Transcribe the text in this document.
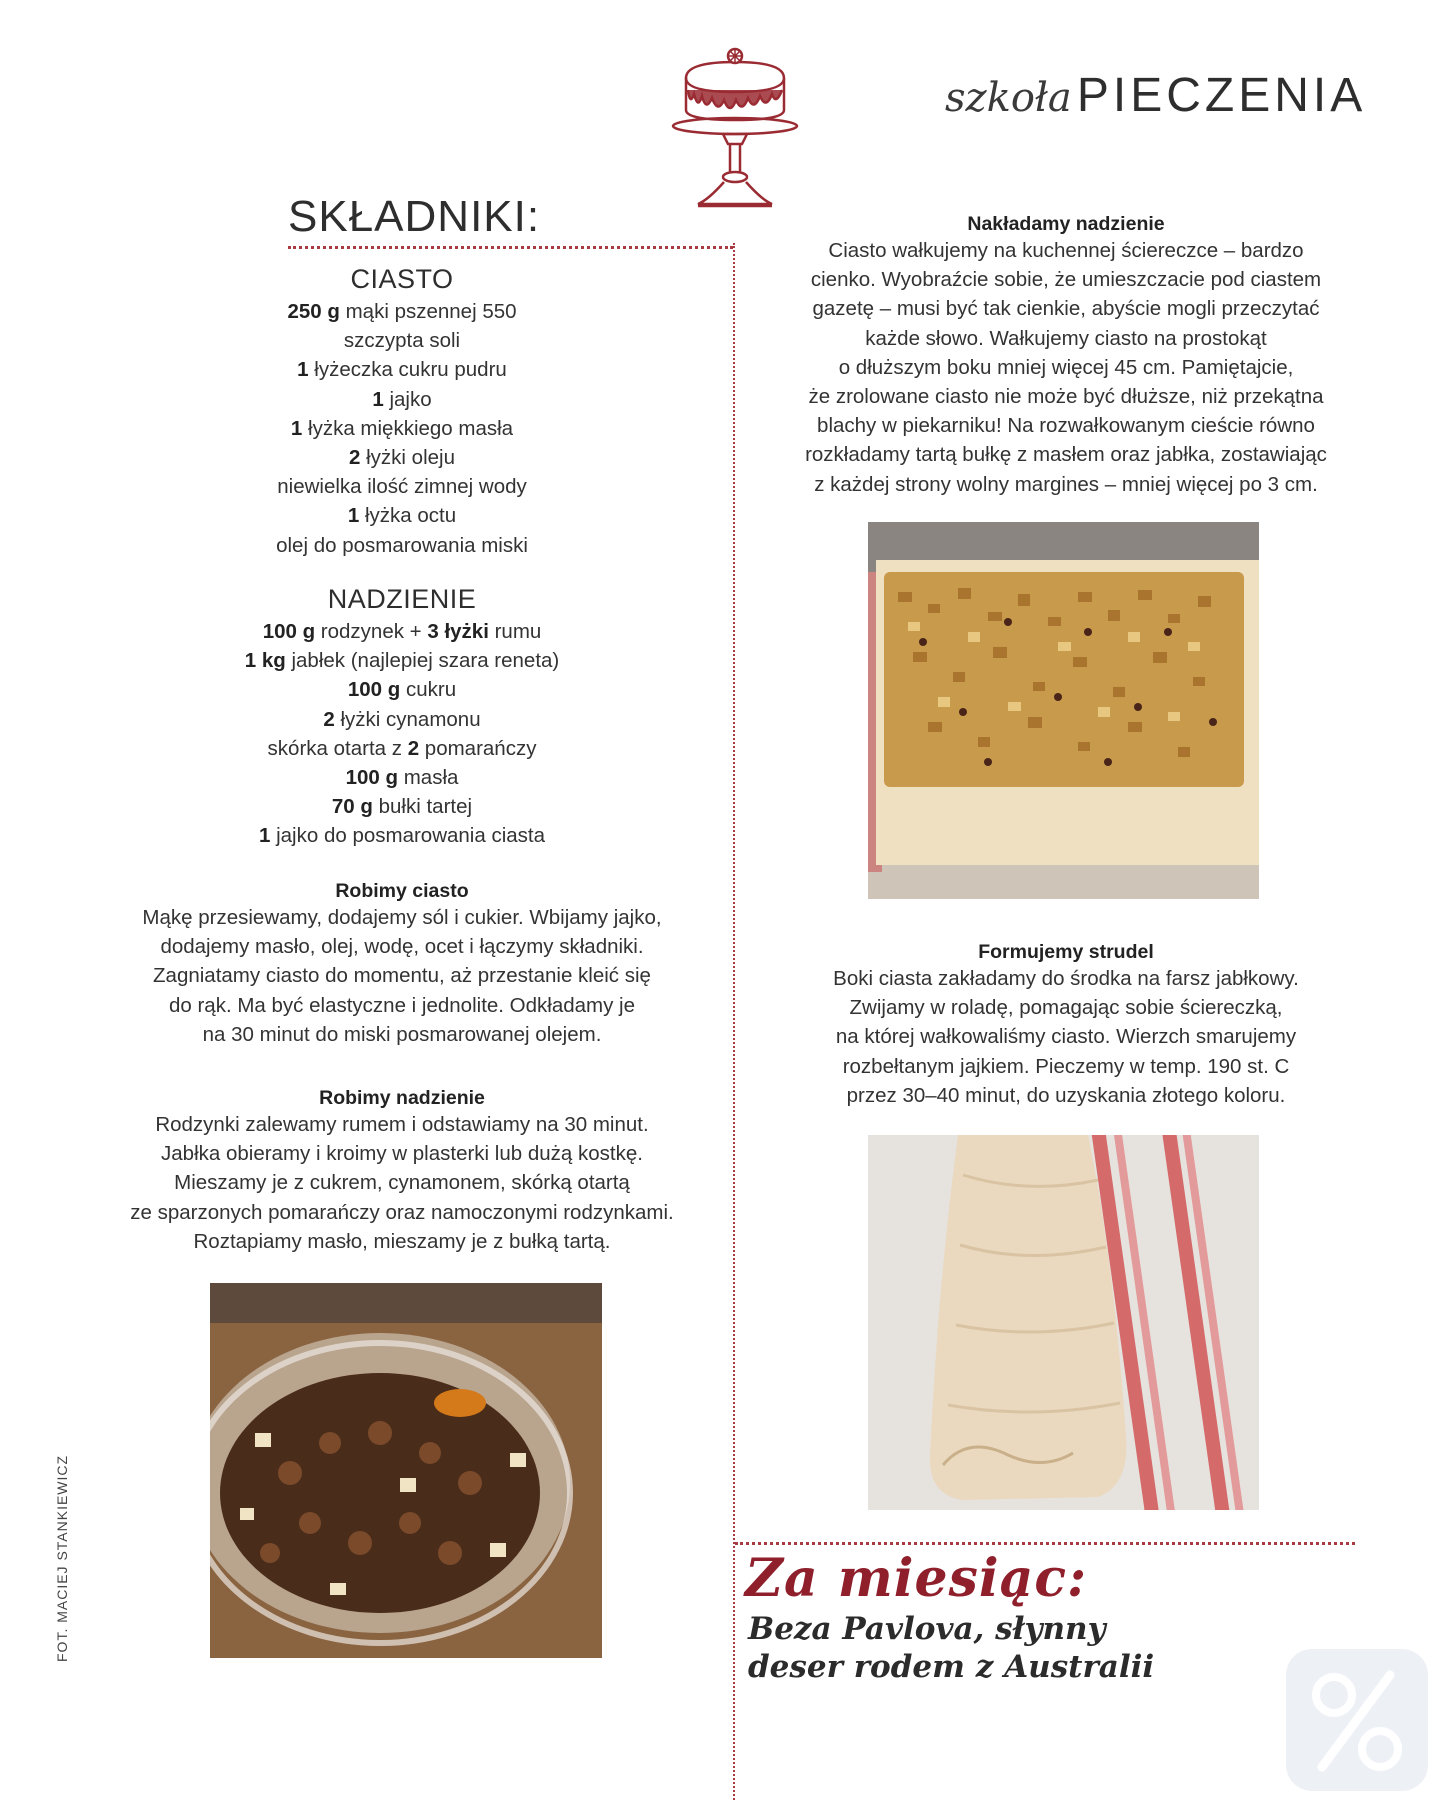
szkoła PIECZENIA
SKŁADNIKI:
CIASTO
250 g mąki pszennej 550
szczypta soli
1 łyżeczka cukru pudru
1 jajko
1 łyżka miękkiego masła
2 łyżki oleju
niewielka ilość zimnej wody
1 łyżka octu
olej do posmarowania miski
NADZIENIE
100 g rodzynek + 3 łyżki rumu
1 kg jabłek (najlepiej szara reneta)
100 g cukru
2 łyżki cynamonu
skórka otarta z 2 pomarańczy
100 g masła
70 g bułki tartej
1 jajko do posmarowania ciasta
Robimy ciasto
Mąkę przesiewamy, dodajemy sól i cukier. Wbijamy jajko,
dodajemy masło, olej, wodę, ocet i łączymy składniki.
Zagniatamy ciasto do momentu, aż przestanie kleić się
do rąk. Ma być elastyczne i jednolite. Odkładamy je
na 30 minut do miski posmarowanej olejem.
Robimy nadzienie
Rodzynki zalewamy rumem i odstawiamy na 30 minut.
Jabłka obieramy i kroimy w plasterki lub dużą kostkę.
Mieszamy je z cukrem, cynamonem, skórką otartą
ze sparzonych pomarańczy oraz namoczonymi rodzynkami.
Roztapiamy masło, mieszamy je z bułką tartą.
Nakładamy nadzienie
Ciasto wałkujemy na kuchennej ściereczce – bardzo
cienko. Wyobraźcie sobie, że umieszczacie pod ciastem
gazetę – musi być tak cienkie, abyście mogli przeczytać
każde słowo. Wałkujemy ciasto na prostokąt
o dłuższym boku mniej więcej 45 cm. Pamiętajcie,
że zrolowane ciasto nie może być dłuższe, niż przekątna
blachy w piekarniku! Na rozwałkowanym cieście równo
rozkładamy tartą bułkę z masłem oraz jabłka, zostawiając
z każdej strony wolny margines – mniej więcej po 3 cm.
Formujemy strudel
Boki ciasta zakładamy do środka na farsz jabłkowy.
Zwijamy w roladę, pomagając sobie ściereczką,
na której wałkowaliśmy ciasto. Wierzch smarujemy
rozbełtanym jajkiem. Pieczemy w temp. 190 st. C
przez 30–40 minut, do uzyskania złotego koloru.
FOT. MACIEJ STANKIEWICZ	Za miesiąc:
Beza Pavlova, słynny
deser rodem z Australii
